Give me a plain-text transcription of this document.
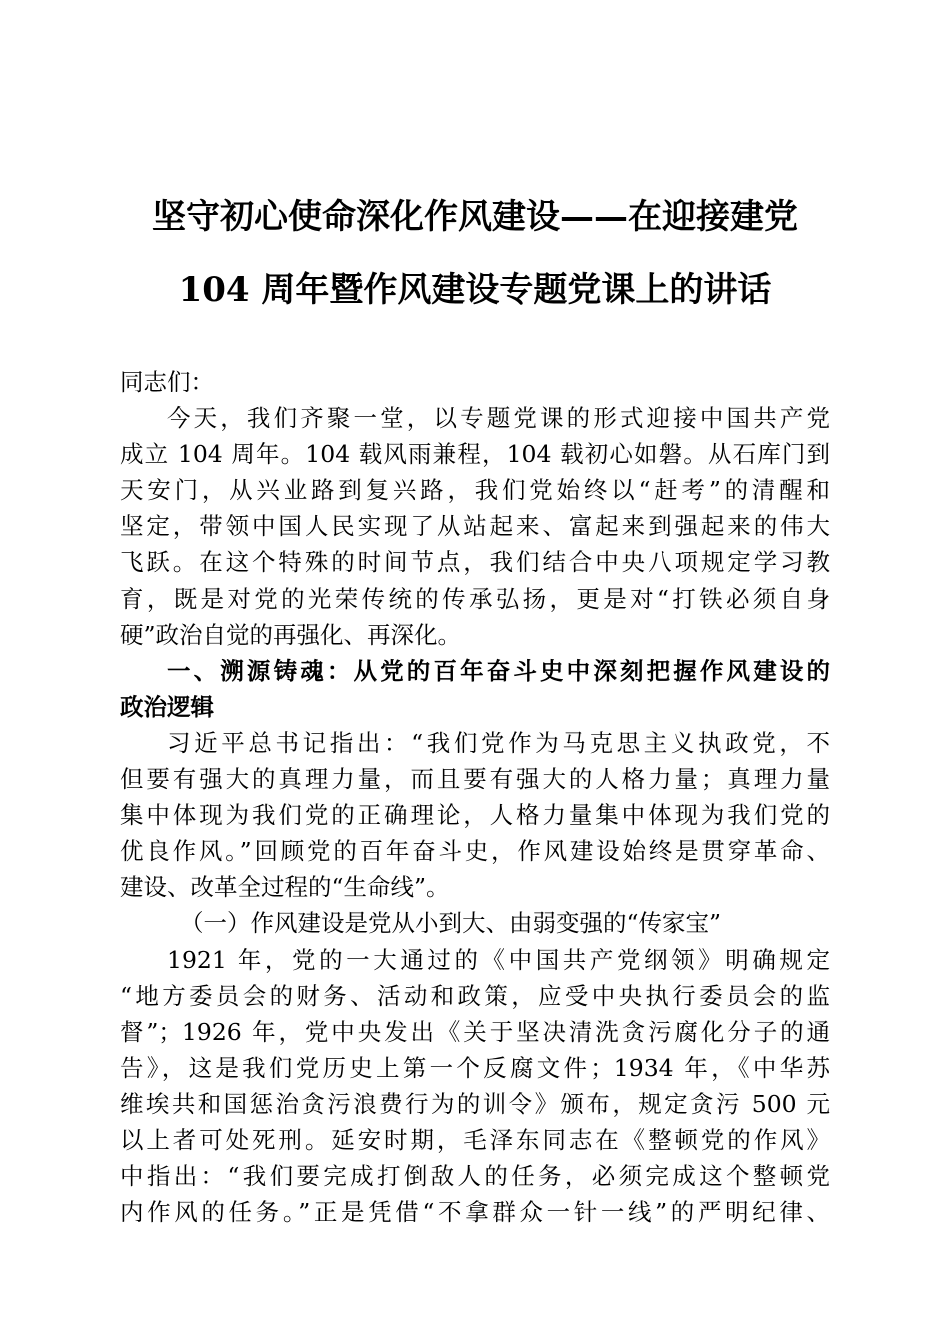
坚守初心使命深化作风建设——在迎接建党
104 周年暨作风建设专题党课上的讲话
同志们：
今天，我们齐聚一堂，以专题党课的形式迎接中国共产党
成立 104 周年。104 载风雨兼程，104 载初心如磐。从石库门到
天安门，从兴业路到复兴路，我们党始终以“赶考”的清醒和
坚定，带领中国人民实现了从站起来、富起来到强起来的伟大
飞跃。在这个特殊的时间节点，我们结合中央八项规定学习教
育，既是对党的光荣传统的传承弘扬，更是对“打铁必须自身
硬”政治自觉的再强化、再深化。
一、溯源铸魂：从党的百年奋斗史中深刻把握作风建设的
政治逻辑
习近平总书记指出：“我们党作为马克思主义执政党，不
但要有强大的真理力量，而且要有强大的人格力量；真理力量
集中体现为我们党的正确理论，人格力量集中体现为我们党的
优良作风。”回顾党的百年奋斗史，作风建设始终是贯穿革命、
建设、改革全过程的“生命线”。
（一）作风建设是党从小到大、由弱变强的“传家宝”
1921 年，党的一大通过的《中国共产党纲领》明确规定
“地方委员会的财务、活动和政策，应受中央执行委员会的监
督”；1926 年，党中央发出《关于坚决清洗贪污腐化分子的通
告》，这是我们党历史上第一个反腐文件；1934 年，《中华苏
维埃共和国惩治贪污浪费行为的训令》颁布，规定贪污 500 元
以上者可处死刑。延安时期，毛泽东同志在《整顿党的作风》
中指出：“我们要完成打倒敌人的任务，必须完成这个整顿党
内作风的任务。”正是凭借“不拿群众一针一线”的严明纪律、
